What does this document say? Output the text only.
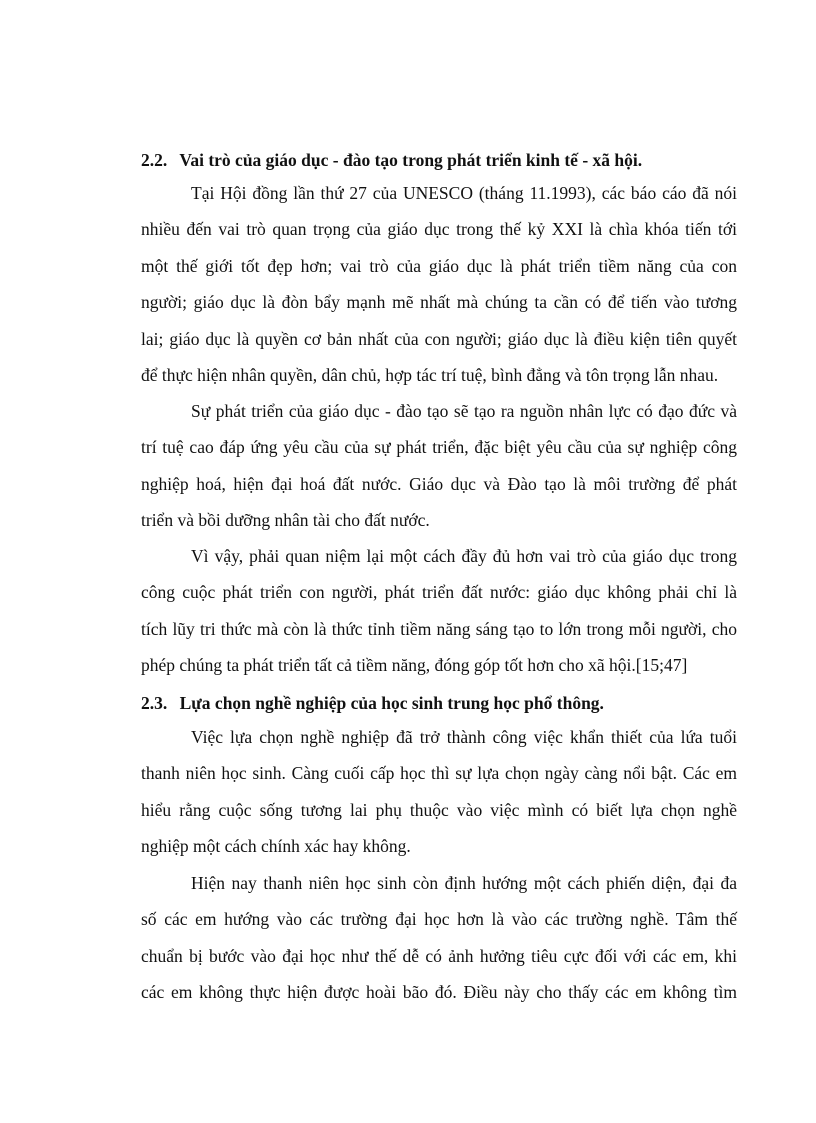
2.2. Vai trò của giáo dục - đào tạo trong phát triển kinh tế - xã hội.
Tại Hội đồng lần thứ 27 của UNESCO (tháng 11.1993), các báo cáo đã nói
nhiều đến vai trò quan trọng của giáo dục trong thế kỷ XXI là chìa khóa tiến tới
một thế giới tốt đẹp hơn; vai trò của giáo dục là phát triển tiềm năng của con
người; giáo dục là đòn bẩy mạnh mẽ nhất mà chúng ta cần có để tiến vào tương
lai; giáo dục là quyền cơ bản nhất của con người; giáo dục là điều kiện tiên quyết
để thực hiện nhân quyền, dân chủ, hợp tác trí tuệ, bình đẳng và tôn trọng lẫn nhau.
Sự phát triển của giáo dục - đào tạo sẽ tạo ra nguồn nhân lực có đạo đức và
trí tuệ cao đáp ứng yêu cầu của sự phát triển, đặc biệt yêu cầu của sự nghiệp công
nghiệp hoá, hiện đại hoá đất nước. Giáo dục và Đào tạo là môi trường để phát
triển và bồi dưỡng nhân tài cho đất nước.
Vì vậy, phải quan niệm lại một cách đầy đủ hơn vai trò của giáo dục trong
công cuộc phát triển con người, phát triển đất nước: giáo dục không phải chỉ là
tích lũy tri thức mà còn là thức tỉnh tiềm năng sáng tạo to lớn trong mỗi người, cho
phép chúng ta phát triển tất cả tiềm năng, đóng góp tốt hơn cho xã hội.[15;47]
2.3. Lựa chọn nghề nghiệp của học sinh trung học phổ thông.
Việc lựa chọn nghề nghiệp đã trở thành công việc khẩn thiết của lứa tuổi
thanh niên học sinh. Càng cuối cấp học thì sự lựa chọn ngày càng nổi bật. Các em
hiểu rằng cuộc sống tương lai phụ thuộc vào việc mình có biết lựa chọn nghề
nghiệp một cách chính xác hay không.
Hiện nay thanh niên học sinh còn định hướng một cách phiến diện, đại đa
số các em hướng vào các trường đại học hơn là vào các trường nghề. Tâm thế
chuẩn bị bước vào đại học như thế dễ có ảnh hưởng tiêu cực đối với các em, khi
các em không thực hiện được hoài bão đó. Điều này cho thấy các em không tìm
